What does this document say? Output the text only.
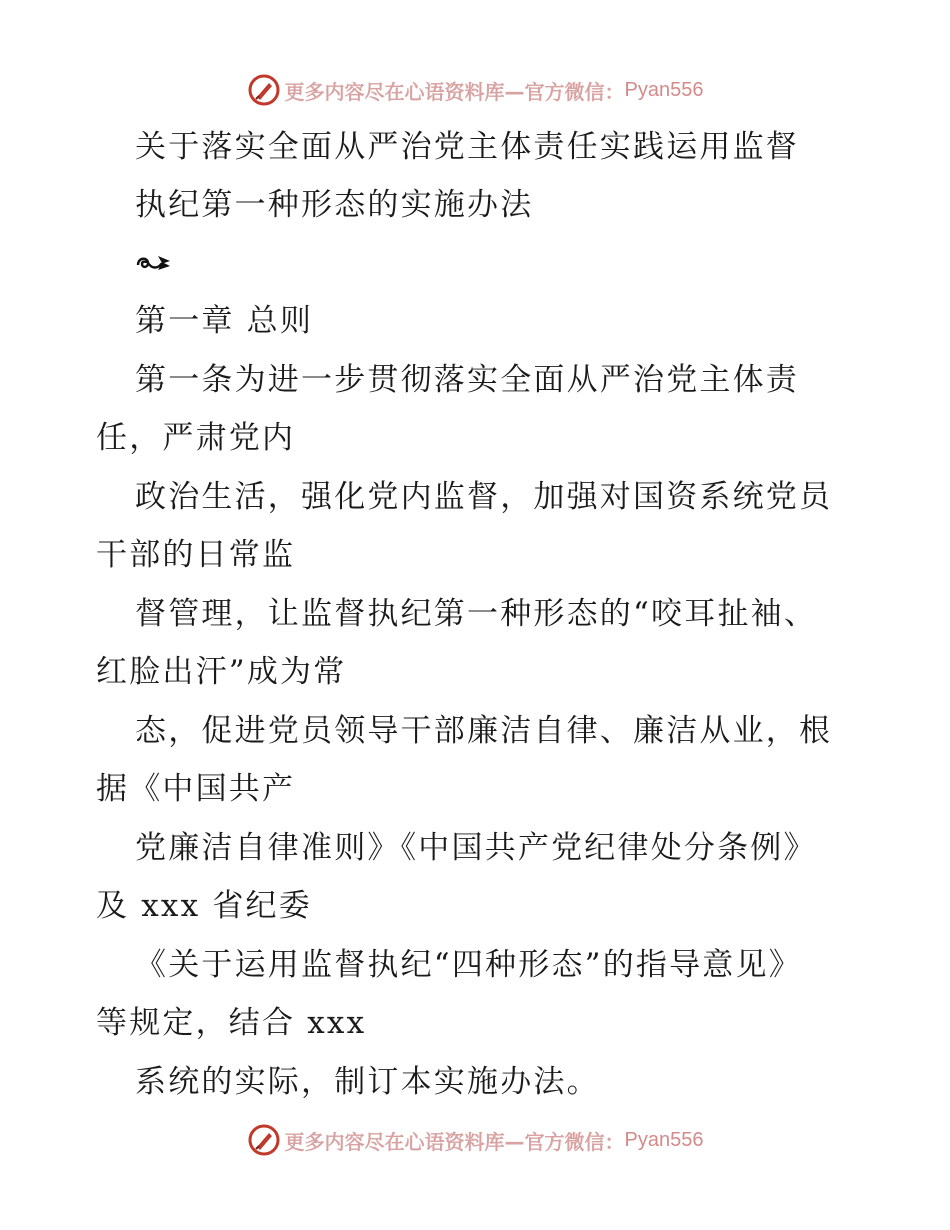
更多内容尽在心语资料库—官方微信： Pyan556
关于落实全面从严治党主体责任实践运用监督
执纪第一种形态的实施办法
第一章 总则
第一条为进一步贯彻落实全面从严治党主体责
任，严肃党内
政治生活，强化党内监督，加强对国资系统党员
干部的日常监
督管理，让监督执纪第一种形态的“咬耳扯袖、
红脸出汗”成为常
态，促进党员领导干部廉洁自律、廉洁从业，根
据《中国共产
党廉洁自律准则》《中国共产党纪律处分条例》
及 xxx 省纪委
《关于运用监督执纪“四种形态”的指导意见》
等规定，结合 xxx
系统的实际，制订本实施办法。
更多内容尽在心语资料库—官方微信： Pyan556
